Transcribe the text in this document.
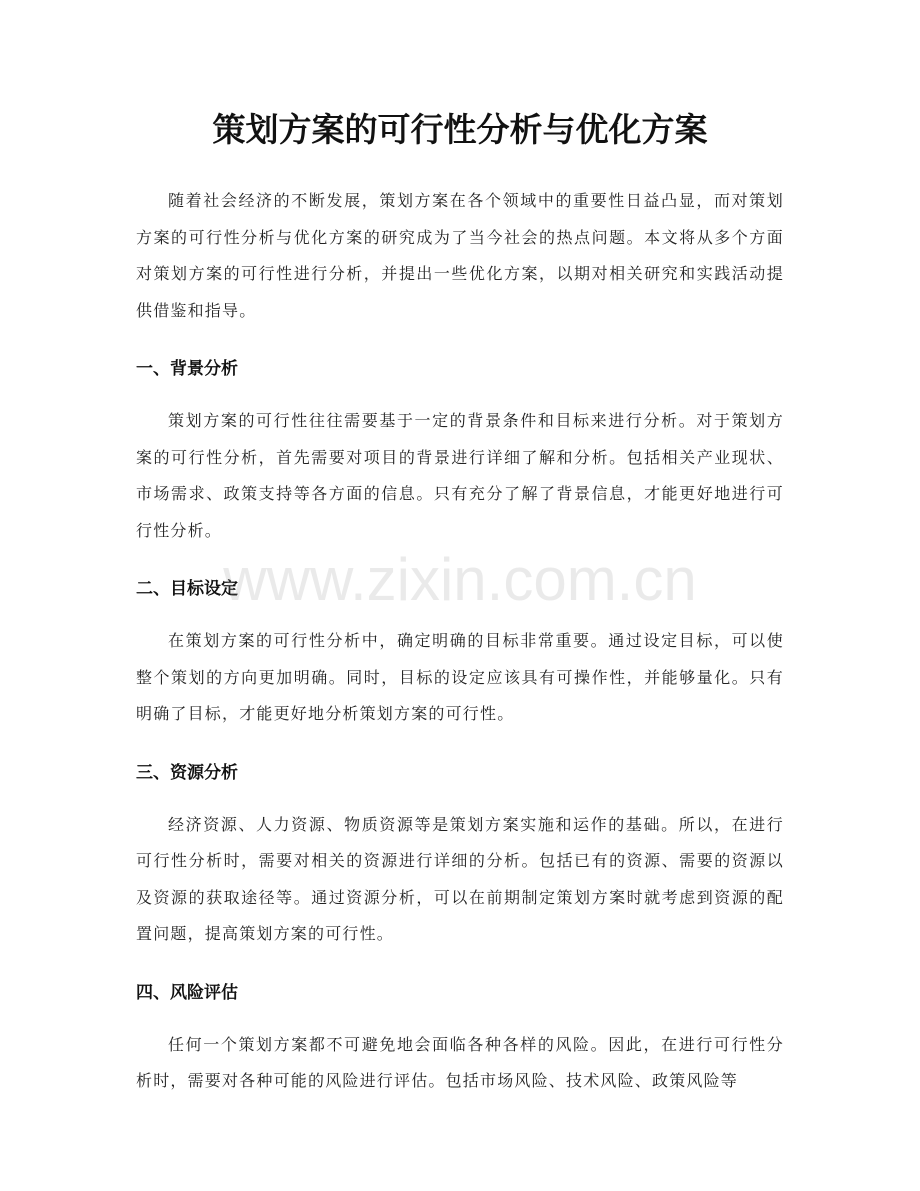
策划方案的可行性分析与优化方案

随着社会经济的不断发展，策划方案在各个领域中的重要性日益凸显，而对策划方案的可行性分析与优化方案的研究成为了当今社会的热点问题。本文将从多个方面对策划方案的可行性进行分析，并提出一些优化方案，以期对相关研究和实践活动提供借鉴和指导。

一、背景分析

策划方案的可行性往往需要基于一定的背景条件和目标来进行分析。对于策划方案的可行性分析，首先需要对项目的背景进行详细了解和分析。包括相关产业现状、市场需求、政策支持等各方面的信息。只有充分了解了背景信息，才能更好地进行可行性分析。

二、目标设定

在策划方案的可行性分析中，确定明确的目标非常重要。通过设定目标，可以使整个策划的方向更加明确。同时，目标的设定应该具有可操作性，并能够量化。只有明确了目标，才能更好地分析策划方案的可行性。

三、资源分析

经济资源、人力资源、物质资源等是策划方案实施和运作的基础。所以，在进行可行性分析时，需要对相关的资源进行详细的分析。包括已有的资源、需要的资源以及资源的获取途径等。通过资源分析，可以在前期制定策划方案时就考虑到资源的配置问题，提高策划方案的可行性。

四、风险评估

任何一个策划方案都不可避免地会面临各种各样的风险。因此，在进行可行性分析时，需要对各种可能的风险进行评估。包括市场风险、技术风险、政策风险等

www.zixin.com.cn
